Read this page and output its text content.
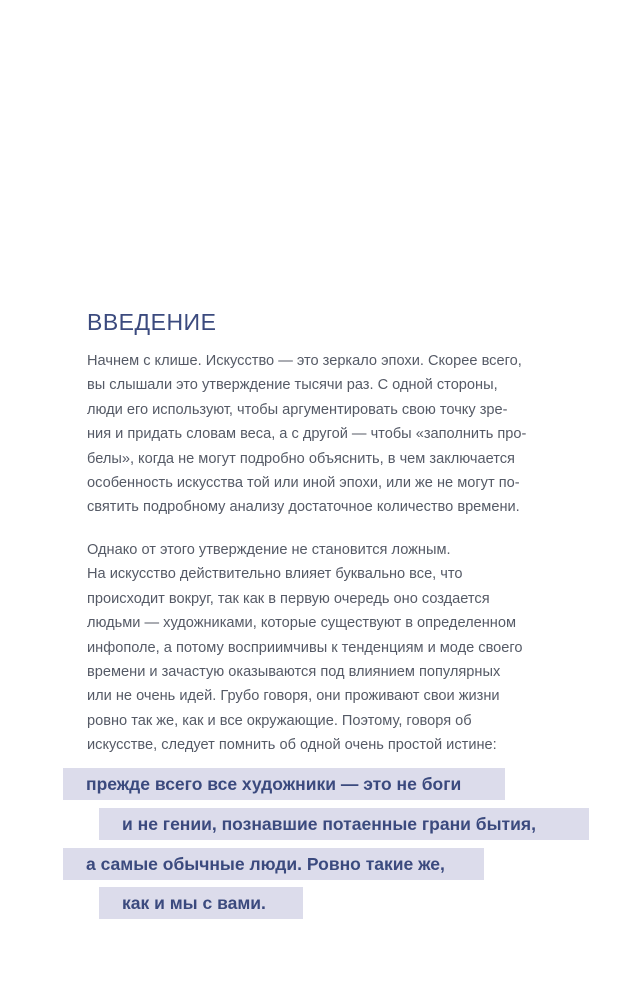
ВВЕДЕНИЕ

Начнем с клише. Искусство — это зеркало эпохи. Скорее всего,
вы слышали это утверждение тысячи раз. С одной стороны,
люди его используют, чтобы аргументировать свою точку зре-
ния и придать словам веса, а с другой — чтобы «заполнить про-
белы», когда не могут подробно объяснить, в чем заключается
особенность искусства той или иной эпохи, или же не могут по-
святить подробному анализу достаточное количество времени.

Однако от этого утверждение не становится ложным.
На искусство действительно влияет буквально все, что
происходит вокруг, так как в первую очередь оно создается
людьми — художниками, которые существуют в определенном
инфополе, а потому восприимчивы к тенденциям и моде своего
времени и зачастую оказываются под влиянием популярных
или не очень идей. Грубо говоря, они проживают свои жизни
ровно так же, как и все окружающие. Поэтому, говоря об
искусстве, следует помнить об одной очень простой истине:

прежде всего все художники — это не боги
и не гении, познавшие потаенные грани бытия,
а самые обычные люди. Ровно такие же,
как и мы с вами.
